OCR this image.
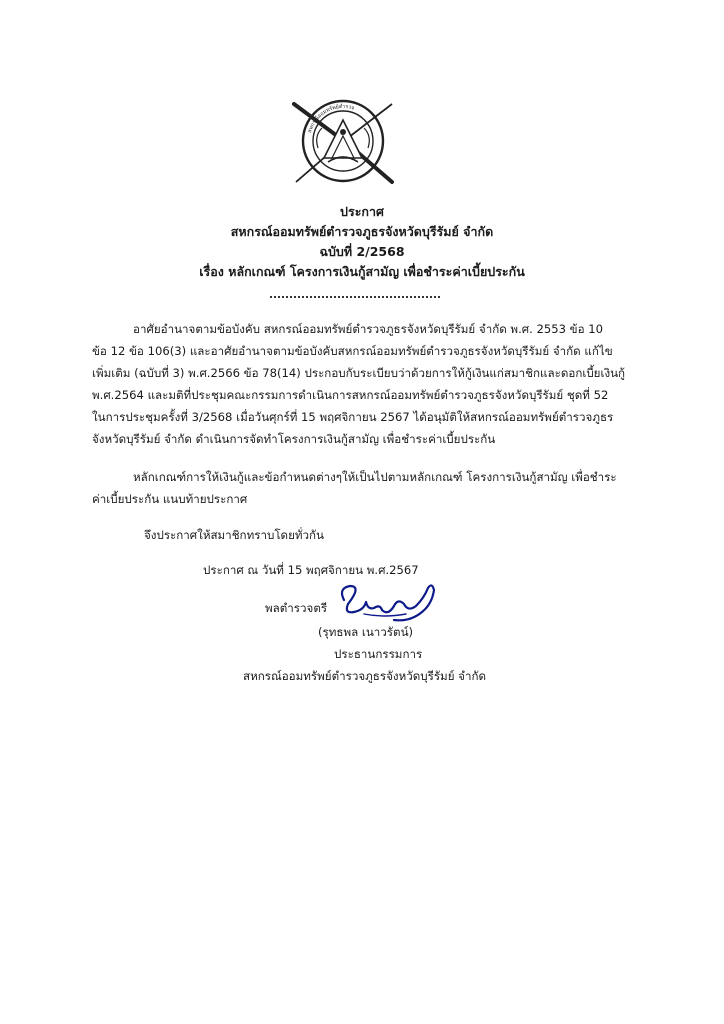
สหกรณ์ออมทรัพย์ตำรวจ
ประกาศ
สหกรณ์ออมทรัพย์ตำรวจภูธรจังหวัดบุรีรัมย์ จำกัด
ฉบับที่ 2/2568
เรื่อง หลักเกณฑ์ โครงการเงินกู้สามัญ เพื่อชำระค่าเบี้ยประกัน
อาศัยอำนาจตามข้อบังคับ สหกรณ์ออมทรัพย์ตำรวจภูธรจังหวัดบุรีรัมย์ จำกัด พ.ศ. 2553 ข้อ 10
ข้อ 12 ข้อ 106(3) และอาศัยอำนาจตามข้อบังคับสหกรณ์ออมทรัพย์ตำรวจภูธรจังหวัดบุรีรัมย์ จำกัด แก้ไข
เพิ่มเติม (ฉบับที่ 3) พ.ศ.2566 ข้อ 78(14) ประกอบกับระเบียบว่าด้วยการให้กู้เงินแก่สมาชิกและดอกเบี้ยเงินกู้
พ.ศ.2564 และมติที่ประชุมคณะกรรมการดำเนินการสหกรณ์ออมทรัพย์ตำรวจภูธรจังหวัดบุรีรัมย์ ชุดที่ 52
ในการประชุมครั้งที่ 3/2568 เมื่อวันศุกร์ที่ 15 พฤศจิกายน 2567 ได้อนุมัติให้สหกรณ์ออมทรัพย์ตำรวจภูธร
จังหวัดบุรีรัมย์ จำกัด ดำเนินการจัดทำโครงการเงินกู้สามัญ เพื่อชำระค่าเบี้ยประกัน
หลักเกณฑ์การให้เงินกู้และข้อกำหนดต่างๆให้เป็นไปตามหลักเกณฑ์ โครงการเงินกู้สามัญ เพื่อชำระ
ค่าเบี้ยประกัน แนบท้ายประกาศ
จึงประกาศให้สมาชิกทราบโดยทั่วกัน
ประกาศ ณ วันที่ 15 พฤศจิกายน พ.ศ.2567
พลตำรวจตรี
(รุทธพล เนาวรัตน์)
ประธานกรรมการ
สหกรณ์ออมทรัพย์ตำรวจภูธรจังหวัดบุรีรัมย์ จำกัด
